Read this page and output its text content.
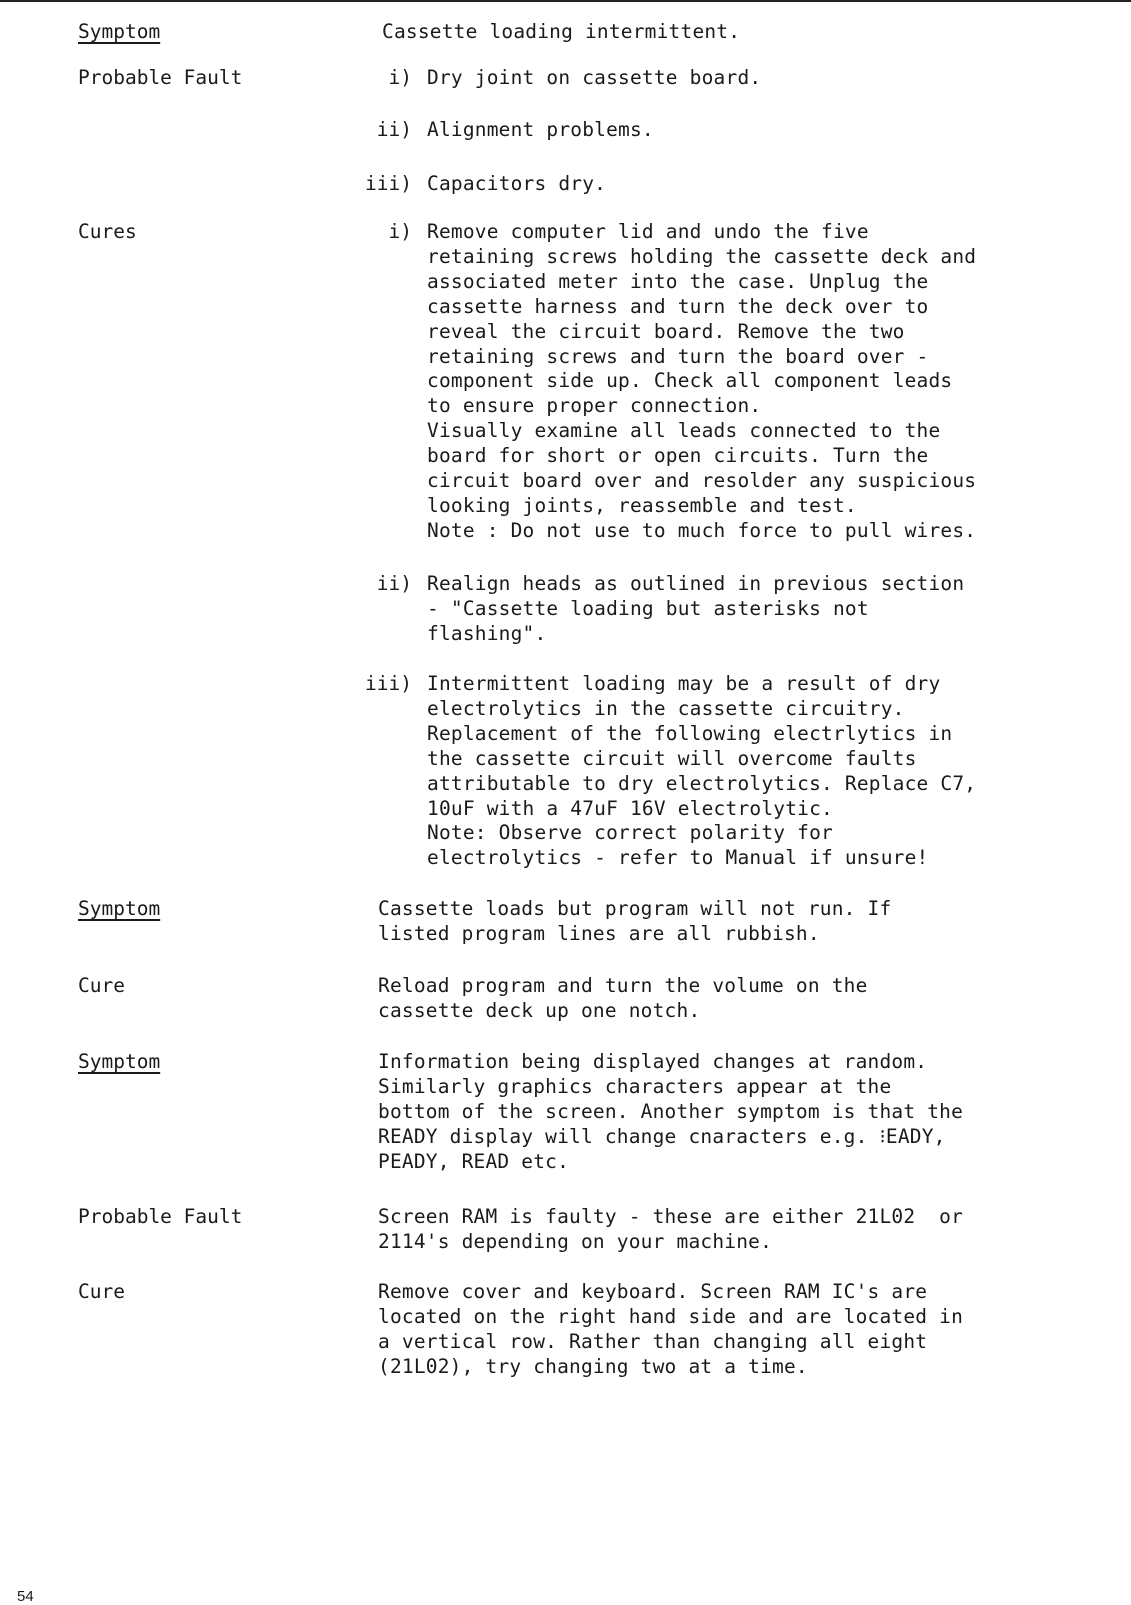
Symptom	Cassette loading intermittent.
Probable Fault	i) Dry joint on cassette board.
ii) Alignment problems.
iii) Capacitors dry.
Cures	i) Remove computer lid and undo the five
retaining screws holding the cassette deck and
associated meter into the case. Unplug the
cassette harness and turn the deck over to
reveal the circuit board. Remove the two
retaining screws and turn the board over -
component side up. Check all component leads
to ensure proper connection.
Visually examine all leads connected to the
board for short or open circuits. Turn the
circuit board over and resolder any suspicious
looking joints, reassemble and test.
Note : Do not use to much force to pull wires.
ii) Realign heads as outlined in previous section
- "Cassette loading but asterisks not
flashing".
iii) Intermittent loading may be a result of dry
electrolytics in the cassette circuitry.
Replacement of the following electrlytics in
the cassette circuit will overcome faults
attributable to dry electrolytics. Replace C7,
10uF with a 47uF 16V electrolytic.
Note: Observe correct polarity for
electrolytics - refer to Manual if unsure!
Symptom	Cassette loads but program will not run. If
listed program lines are all rubbish.
Cure	Reload program and turn the volume on the
cassette deck up one notch.
Symptom	Information being displayed changes at random.
Similarly graphics characters appear at the
bottom of the screen. Another symptom is that the
READY display will change cnaracters e.g. ⁝EADY,
PEADY, READ etc.
Probable Fault	Screen RAM is faulty - these are either 21L02  or
2114's depending on your machine.
Cure	Remove cover and keyboard. Screen RAM IC's are
located on the right hand side and are located in
a vertical row. Rather than changing all eight
(21L02), try changing two at a time.
54
